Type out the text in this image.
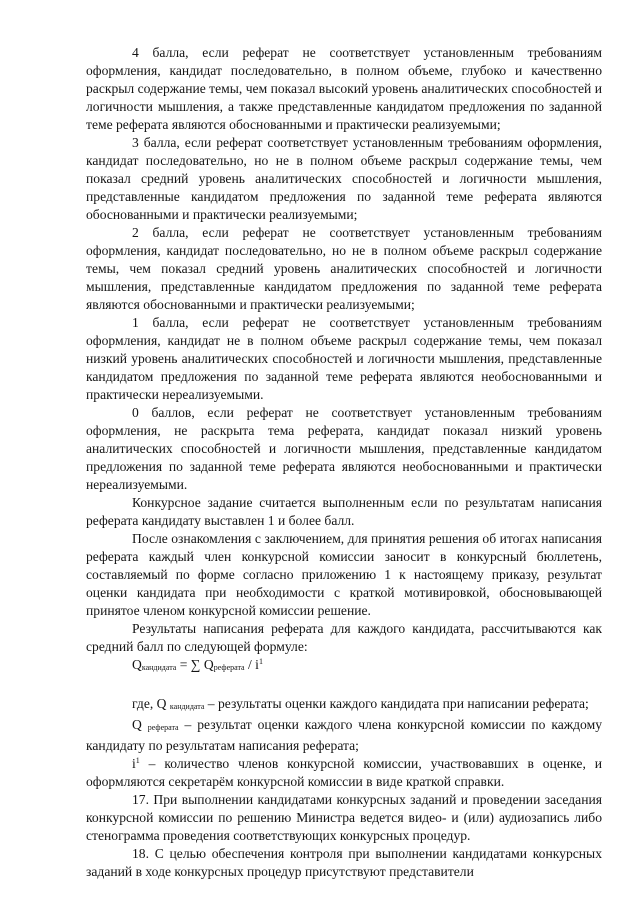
4 балла, если реферат не соответствует установленным требованиям оформления, кандидат последовательно, в полном объеме, глубоко и качественно раскрыл содержание темы, чем показал высокий уровень аналитических способностей и логичности мышления, а также представленные кандидатом предложения по заданной теме реферата являются обоснованными и практически реализуемыми;

3 балла, если реферат соответствует установленным требованиям оформления, кандидат последовательно, но не в полном объеме раскрыл содержание темы, чем показал средний уровень аналитических способностей и логичности мышления, представленные кандидатом предложения по заданной теме реферата являются обоснованными и практически реализуемыми;

2 балла, если реферат не соответствует установленным требованиям оформления, кандидат последовательно, но не в полном объеме раскрыл содержание темы, чем показал средний уровень аналитических способностей и логичности мышления, представленные кандидатом предложения по заданной теме реферата являются обоснованными и практически реализуемыми;

1 балла, если реферат не соответствует установленным требованиям оформления, кандидат не в полном объеме раскрыл содержание темы, чем показал низкий уровень аналитических способностей и логичности мышления, представленные кандидатом предложения по заданной теме реферата являются необоснованными и практически нереализуемыми.

0 баллов, если реферат не соответствует установленным требованиям оформления, не раскрыта тема реферата, кандидат показал низкий уровень аналитических способностей и логичности мышления, представленные кандидатом предложения по заданной теме реферата являются необоснованными и практически нереализуемыми.

Конкурсное задание считается выполненным если по результатам написания реферата кандидату выставлен 1 и более балл.

После ознакомления с заключением, для принятия решения об итогах написания реферата каждый член конкурсной комиссии заносит в конкурсный бюллетень, составляемый по форме согласно приложению 1 к настоящему приказу, результат оценки кандидата при необходимости с краткой мотивировкой, обосновывающей принятое членом конкурсной комиссии решение.

Результаты написания реферата для каждого кандидата, рассчитываются как средний балл по следующей формуле:

Qкандидата = ∑ Qреферата / $i^1$

где, Q кандидата – результаты оценки каждого кандидата при написании реферата;

Q реферата – результат оценки каждого члена конкурсной комиссии по каждому кандидату по результатам написания реферата;

$i^1$ – количество членов конкурсной комиссии, участвовавших в оценке, и оформляются секретарём конкурсной комиссии в виде краткой справки.

17. При выполнении кандидатами конкурсных заданий и проведении заседания конкурсной комиссии по решению Министра ведется видео- и (или) аудиозапись либо стенограмма проведения соответствующих конкурсных процедур.

18. С целью обеспечения контроля при выполнении кандидатами конкурсных заданий в ходе конкурсных процедур присутствуют представители
